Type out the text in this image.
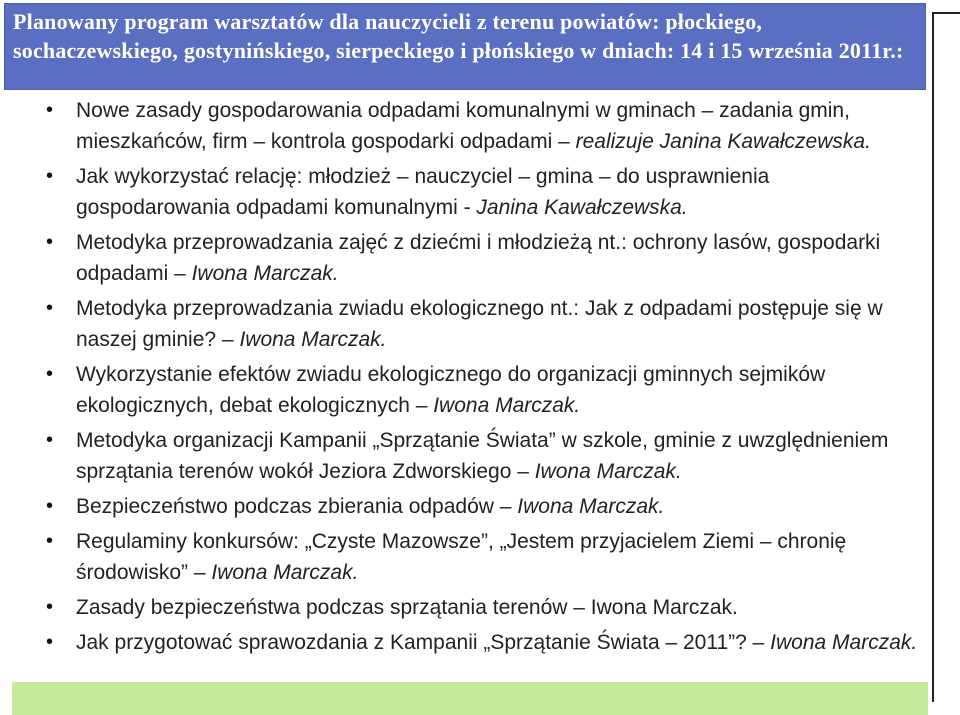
Planowany program warsztatów dla nauczycieli z terenu powiatów: płockiego, sochaczewskiego, gostynińskiego, sierpeckiego i płońskiego w dniach: 14 i 15 września 2011r.:

• Nowe zasady gospodarowania odpadami komunalnymi w gminach – zadania gmin, mieszkańców, firm – kontrola gospodarki odpadami – realizuje Janina Kawałczewska.
• Jak wykorzystać relację: młodzież – nauczyciel – gmina – do usprawnienia gospodarowania odpadami komunalnymi - Janina Kawałczewska.
• Metodyka przeprowadzania zajęć z dziećmi i młodzieżą nt.: ochrony lasów, gospodarki odpadami – Iwona Marczak.
• Metodyka przeprowadzania zwiadu ekologicznego nt.: Jak z odpadami postępuje się w naszej gminie? – Iwona Marczak.
• Wykorzystanie efektów zwiadu ekologicznego do organizacji gminnych sejmików ekologicznych, debat ekologicznych – Iwona Marczak.
• Metodyka organizacji Kampanii „Sprzątanie Świata” w szkole, gminie z uwzględnieniem sprzątania terenów wokół Jeziora Zdworskiego – Iwona Marczak.
• Bezpieczeństwo podczas zbierania odpadów – Iwona Marczak.
• Regulaminy konkursów: „Czyste Mazowsze”, „Jestem przyjacielem Ziemi – chronię środowisko” – Iwona Marczak.
• Zasady bezpieczeństwa podczas sprzątania terenów – Iwona Marczak.
• Jak przygotować sprawozdania z Kampanii „Sprzątanie Świata – 2011”? – Iwona Marczak.
